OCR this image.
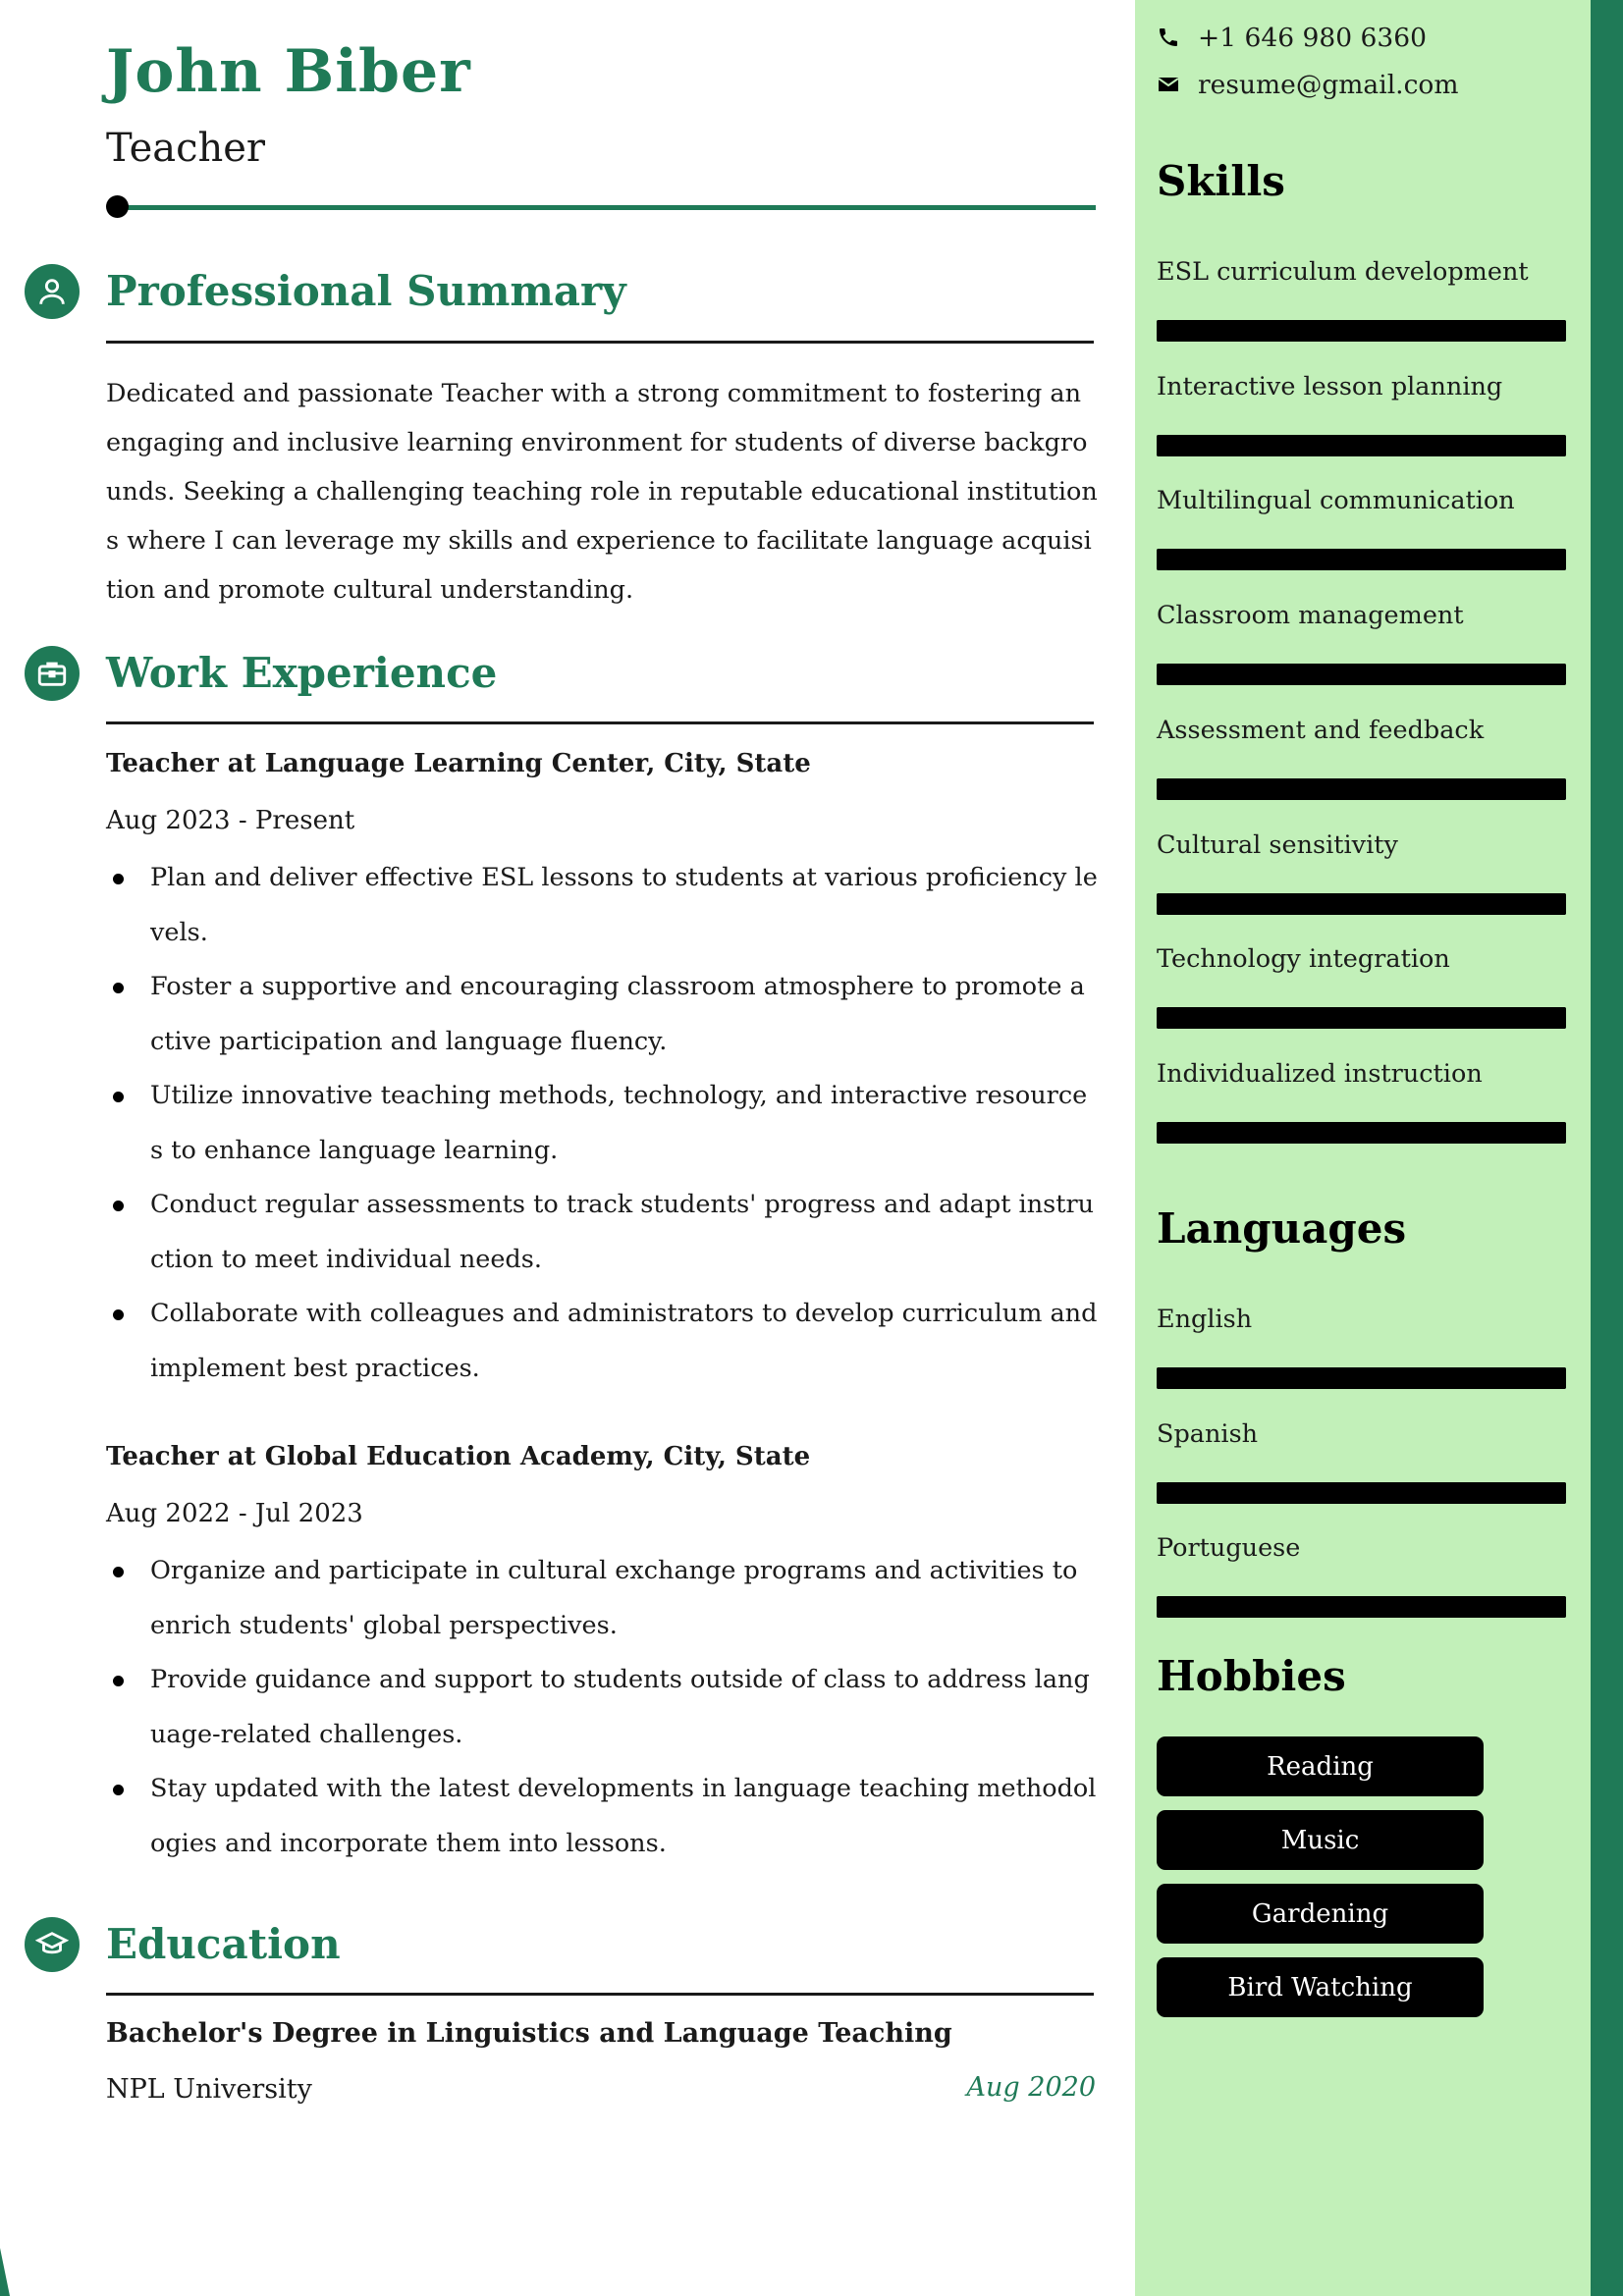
John Biber
Teacher
Professional Summary

Dedicated and passionate Teacher with a strong commitment to fostering an engaging and inclusive learning environment for students of diverse backgrounds. Seeking a challenging teaching role in reputable educational institutions where I can leverage my skills and experience to facilitate language acquisition and promote cultural understanding.

Work Experience

Teacher at Language Learning Center, City, State

Aug 2023 - Present

Plan and deliver effective ESL lessons to students at various proficiency levels.
Foster a supportive and encouraging classroom atmosphere to promote active participation and language fluency.
Utilize innovative teaching methods, technology, and interactive resources to enhance language learning.
Conduct regular assessments to track students' progress and adapt instruction to meet individual needs.
Collaborate with colleagues and administrators to develop curriculum and implement best practices.

Teacher at Global Education Academy, City, State

Aug 2022 - Jul 2023

Organize and participate in cultural exchange programs and activities to enrich students' global perspectives.
Provide guidance and support to students outside of class to address language-related challenges.
Stay updated with the latest developments in language teaching methodologies and incorporate them into lessons.
Education

Bachelor's Degree in Linguistics and Language Teaching

NPL University	Aug 2020

+1 646 980 6360
resume@gmail.com
Skills

ESL curriculum development

Interactive lesson planning

Multilingual communication

Classroom management

Assessment and feedback

Cultural sensitivity

Technology integration

Individualized instruction

Languages

English

Spanish

Portuguese

Hobbies
Reading
Music
Gardening
Bird Watching
